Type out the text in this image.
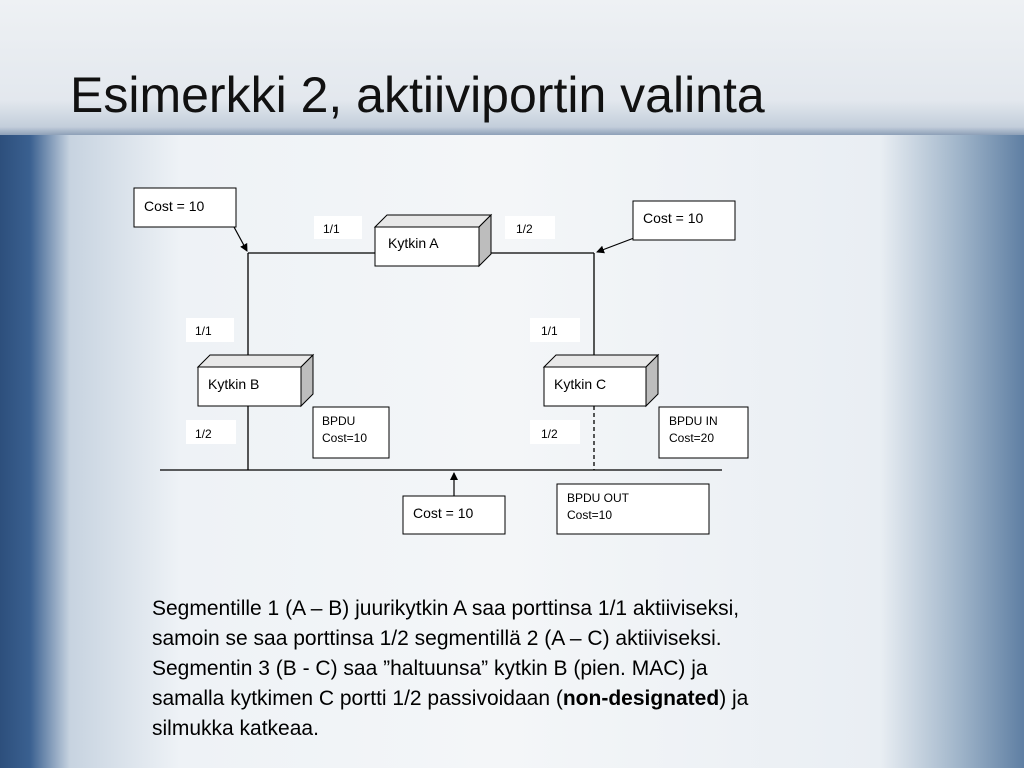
Esimerkki 2, aktiiviportin valinta
Kytkin A
Kytkin B	Kytkin C
Cost = 10
Cost = 10
Cost = 10
1/1	1/2
1/1	1/1
1/2	1/2
BPDU
Cost=10
BPDU IN
Cost=20
BPDU OUT
Cost=10

Segmentille 1 (A – B) juurikytkin A saa porttinsa 1/1 aktiiviseksi,
samoin se saa porttinsa 1/2 segmentillä 2 (A – C) aktiiviseksi.
Segmentin 3 (B - C) saa ”haltuunsa” kytkin B (pien. MAC) ja
samalla kytkimen C portti 1/2 passivoidaan (non-designated) ja
silmukka katkeaa.
